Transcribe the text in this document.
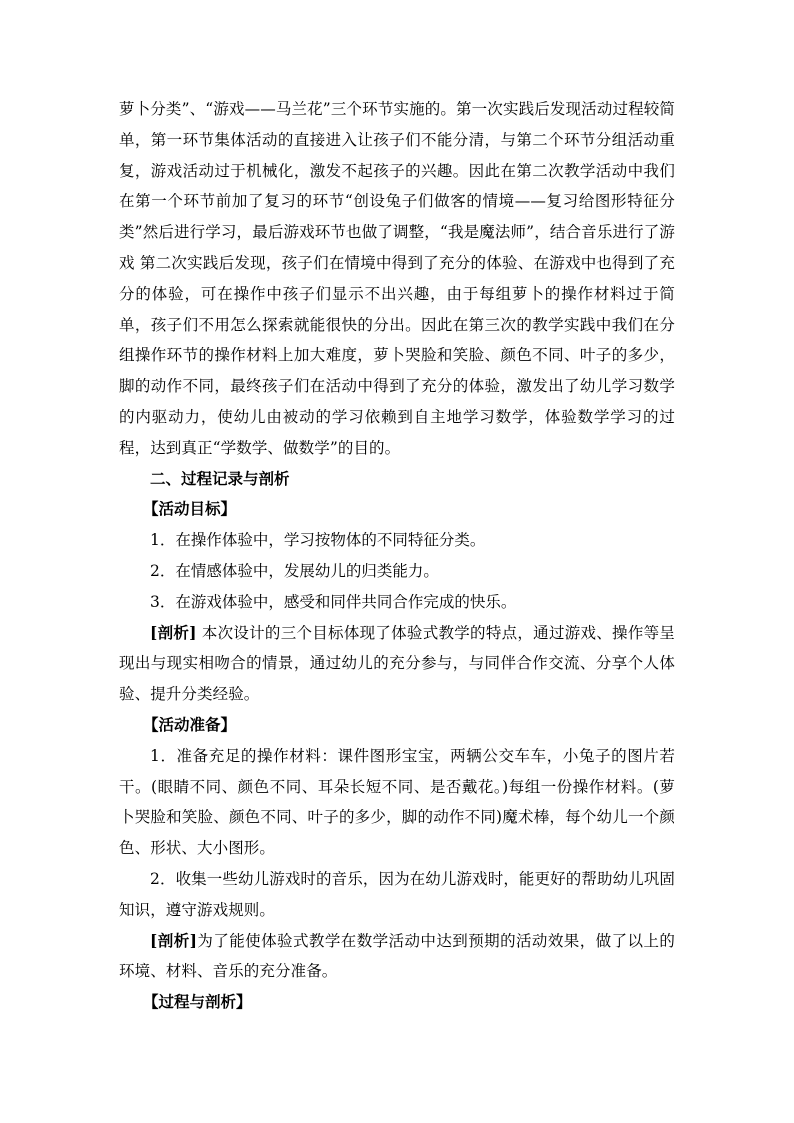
萝卜分类”、“游戏——马兰花”三个环节实施的。第一次实践后发现活动过程较简单，第一环节集体活动的直接进入让孩子们不能分清，与第二个环节分组活动重复，游戏活动过于机械化，激发不起孩子的兴趣。因此在第二次教学活动中我们在第一个环节前加了复习的环节“创设兔子们做客的情境——复习给图形特征分类”然后进行学习，最后游戏环节也做了调整，“我是魔法师”，结合音乐进行了游戏 第二次实践后发现，孩子们在情境中得到了充分的体验、在游戏中也得到了充分的体验，可在操作中孩子们显示不出兴趣，由于每组萝卜的操作材料过于简单，孩子们不用怎么探索就能很快的分出。因此在第三次的教学实践中我们在分组操作环节的操作材料上加大难度，萝卜哭脸和笑脸、颜色不同、叶子的多少，脚的动作不同，最终孩子们在活动中得到了充分的体验，激发出了幼儿学习数学的内驱动力，使幼儿由被动的学习依赖到自主地学习数学，体验数学学习的过程，达到真正“学数学、做数学”的目的。

二、过程记录与剖析

【活动目标】

1．在操作体验中，学习按物体的不同特征分类。

2．在情感体验中，发展幼儿的归类能力。

3．在游戏体验中，感受和同伴共同合作完成的快乐。

[剖析] 本次设计的三个目标体现了体验式教学的特点，通过游戏、操作等呈现出与现实相吻合的情景，通过幼儿的充分参与，与同伴合作交流、分享个人体验、提升分类经验。

【活动准备】

1．准备充足的操作材料：课件图形宝宝，两辆公交车车，小兔子的图片若干。(眼睛不同、颜色不同、耳朵长短不同、是否戴花。)每组一份操作材料。(萝卜哭脸和笑脸、颜色不同、叶子的多少，脚的动作不同)魔术棒，每个幼儿一个颜色、形状、大小图形。

2．收集一些幼儿游戏时的音乐，因为在幼儿游戏时，能更好的帮助幼儿巩固知识，遵守游戏规则。

[剖析]为了能使体验式教学在数学活动中达到预期的活动效果，做了以上的环境、材料、音乐的充分准备。

【过程与剖析】
